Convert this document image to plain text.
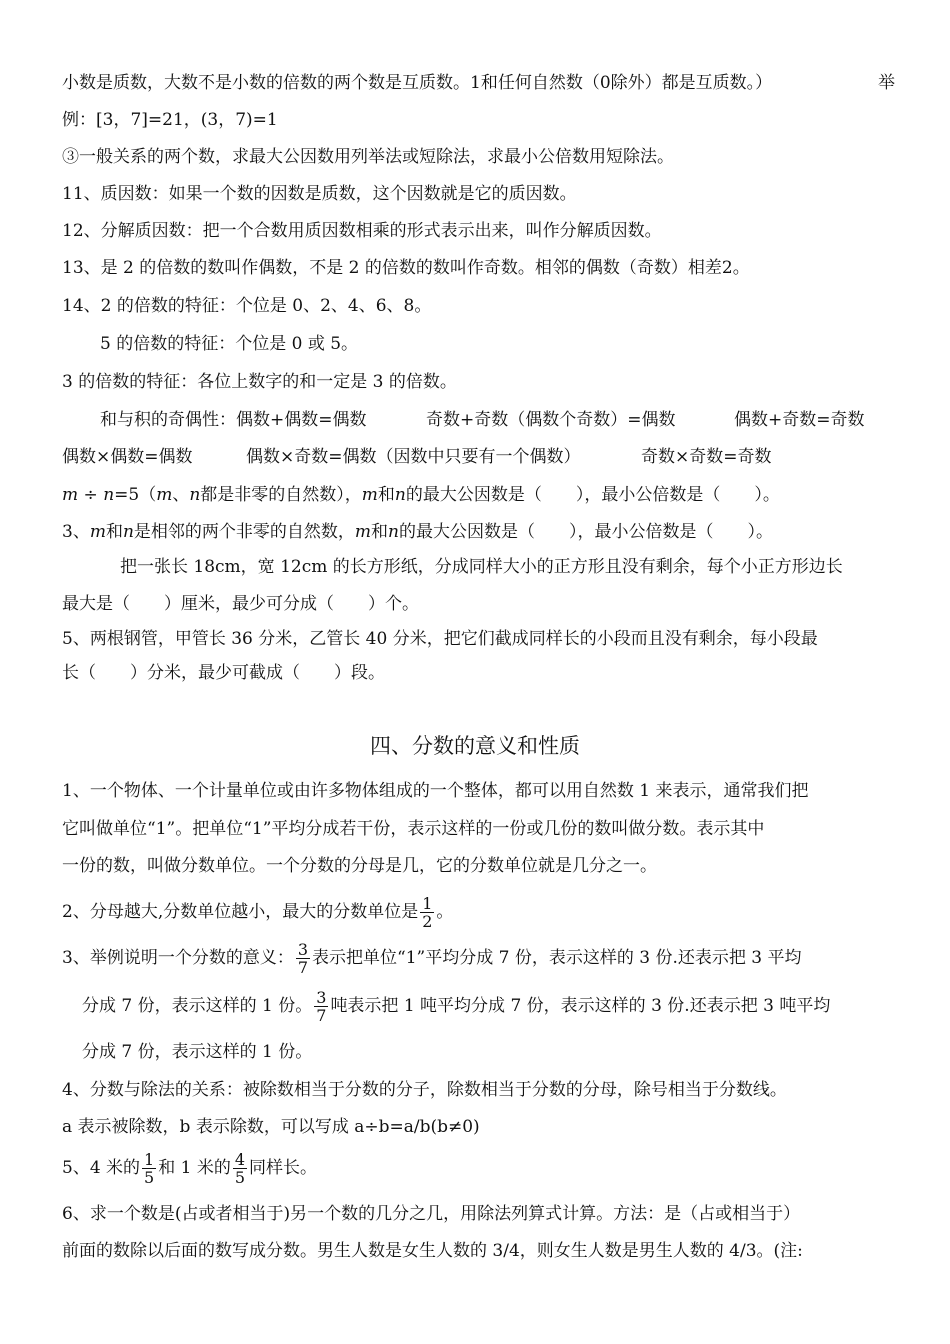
小数是质数，大数不是小数的倍数的两个数是互质数。1和任何自然数（0除外）都是互质数。）	举
例：[3，7]=21，(3，7)=1
③一般关系的两个数，求最大公因数用列举法或短除法，求最小公倍数用短除法。
11、质因数：如果一个数的因数是质数，这个因数就是它的质因数。
12、分解质因数：把一个合数用质因数相乘的形式表示出来，叫作分解质因数。
13、是 2 的倍数的数叫作偶数，不是 2 的倍数的数叫作奇数。相邻的偶数（奇数）相差2。
14、2 的倍数的特征：个位是 0、2、4、6、8。
5 的倍数的特征：个位是 0 或 5。
3 的倍数的特征：各位上数字的和一定是 3 的倍数。
和与积的奇偶性：偶数+偶数=偶数	奇数+奇数（偶数个奇数）=偶数	偶数+奇数=奇数
偶数×偶数=偶数	偶数×奇数=偶数（因数中只要有一个偶数）	奇数×奇数=奇数
m ÷ n=5（m、n都是非零的自然数），m和n的最大公因数是（　　），最小公倍数是（　　）。
3、m和n是相邻的两个非零的自然数，m和n的最大公因数是（　　），最小公倍数是（　　）。
把一张长 18cm，宽 12cm 的长方形纸，分成同样大小的正方形且没有剩余，每个小正方形边长
最大是（　　）厘米，最少可分成（　　）个。
5、两根钢管，甲管长 36 分米，乙管长 40 分米，把它们截成同样长的小段而且没有剩余，每小段最
长（　　）分米，最少可截成（　　）段。
四、分数的意义和性质
1、一个物体、一个计量单位或由许多物体组成的一个整体，都可以用自然数 1 来表示，通常我们把
它叫做单位“1”。把单位“1”平均分成若干份，表示这样的一份或几份的数叫做分数。表示其中
一份的数，叫做分数单位。一个分数的分母是几，它的分数单位就是几分之一。
2、分母越大,分数单位越小，最大的分数单位是 $\frac{1}{2}$ 。
3、举例说明一个分数的意义： $\frac{3}{7}$ 表示把单位“1”平均分成 7 份，表示这样的 3 份.还表示把 3 平均
分成 7 份，表示这样的 1 份。 $\frac{3}{7}$ 吨表示把 1 吨平均分成 7 份，表示这样的 3 份.还表示把 3 吨平均
分成 7 份，表示这样的 1 份。
4、分数与除法的关系：被除数相当于分数的分子，除数相当于分数的分母，除号相当于分数线。
a 表示被除数，b 表示除数，可以写成 a÷b=a/b(b≠0)
5、4 米的 $\frac{1}{5}$ 和 1 米的 $\frac{4}{5}$ 同样长。
6、求一个数是(占或者相当于)另一个数的几分之几，用除法列算式计算。方法：是（占或相当于）
前面的数除以后面的数写成分数。男生人数是女生人数的 3/4，则女生人数是男生人数的 4/3。(注:
